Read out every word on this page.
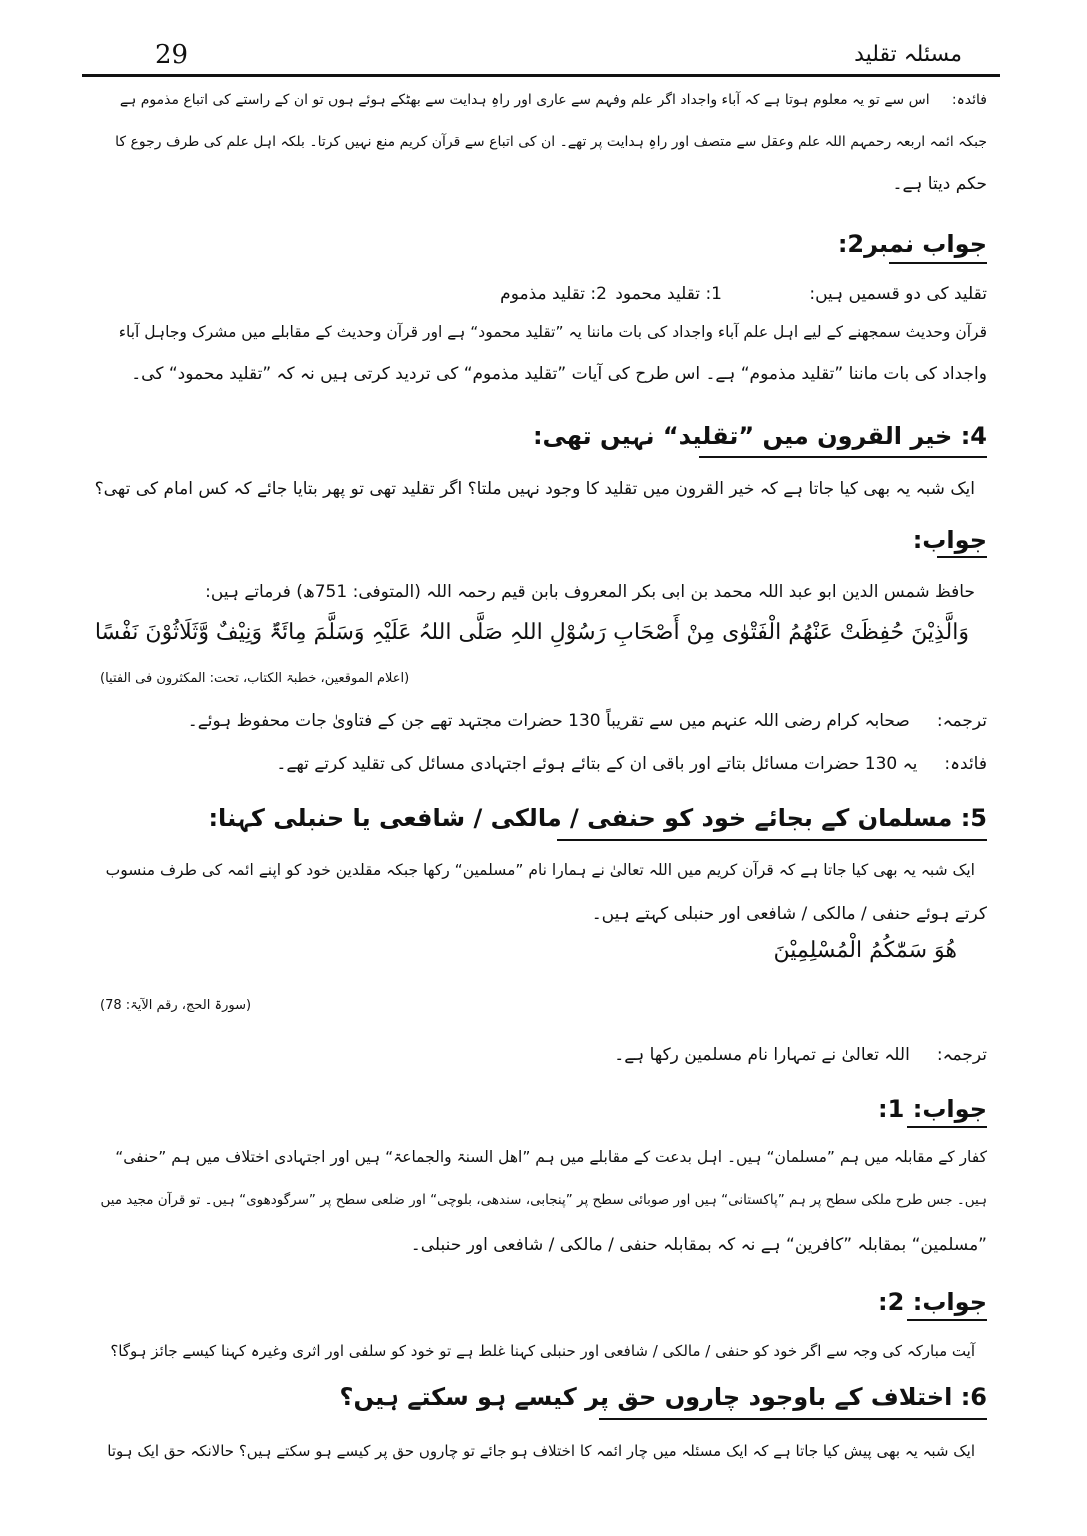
29	مسئلہ تقلید
فائدہ:     اس سے تو یہ معلوم ہوتا ہے کہ آباء واجداد اگر علم وفہم سے عاری اور راہِ ہدایت سے بھٹکے ہوئے ہوں تو ان کے راستے کی اتباع مذموم ہے
جبکہ ائمہ اربعہ رحمہم اللہ علم وعقل سے متصف اور راہِ ہدایت پر تھے۔ ان کی اتباع سے قرآن کریم منع نہیں کرتا۔ بلکہ اہل علم کی طرف رجوع کا
حکم دیتا ہے۔
جواب نمبر2:
تقلید کی دو قسمیں ہیں:
1: تقلید محمود
2: تقلید مذموم
قرآن وحدیث سمجھنے کے لیے اہل علم آباء واجداد کی بات ماننا یہ ”تقلید محمود“ ہے اور قرآن وحدیث کے مقابلے میں مشرک وجاہل آباء
واجداد کی بات ماننا ”تقلید مذموم“ ہے۔ اس طرح کی آیات ”تقلید مذموم“ کی تردید کرتی ہیں نہ کہ ”تقلید محمود“ کی۔
4: خیر القرون میں ”تقلید“ نہیں تھی:
ایک شبہ یہ بھی کیا جاتا ہے کہ خیر القرون میں تقلید کا وجود نہیں ملتا؟ اگر تقلید تھی تو پھر بتایا جائے کہ کس امام کی تھی؟
جواب:
حافظ شمس الدین ابو عبد اللہ محمد بن ابی بکر المعروف بابن قیم رحمہ اللہ (المتوفی: 751ھ) فرماتے ہیں:
وَالَّذِیْنَ حُفِظَتْ عَنْھُمُ الْفَتْوٰی مِنْ أَصْحَابِ رَسُوْلِ اللہِ صَلَّی اللہُ عَلَیْہِ وَسَلَّمَ مِائَۃٌ وَنِیْفٌ وَّثَلَاثُوْنَ نَفْسًا
(اعلام الموقعین، خطبۃ الکتاب، تحت: المکثرون فی الفتیا)
ترجمہ:     صحابہ کرام رضی اللہ عنہم میں سے تقریباً 130 حضرات مجتہد تھے جن کے فتاویٰ جات محفوظ ہوئے۔
فائدہ:     یہ 130 حضرات مسائل بتاتے اور باقی ان کے بتائے ہوئے اجتہادی مسائل کی تقلید کرتے تھے۔
5: مسلمان کے بجائے خود کو حنفی / مالکی / شافعی یا حنبلی کہنا:
ایک شبہ یہ بھی کیا جاتا ہے کہ قرآن کریم میں اللہ تعالیٰ نے ہمارا نام ”مسلمین“ رکھا جبکہ مقلدین خود کو اپنے ائمہ کی طرف منسوب
کرتے ہوئے حنفی / مالکی / شافعی اور حنبلی کہتے ہیں۔
ھُوَ سَمّٰکُمُ الْمُسْلِمِیْنَ
(سورۃ الحج، رقم الآیۃ: 78)
ترجمہ:     اللہ تعالیٰ نے تمہارا نام مسلمین رکھا ہے۔
جواب: 1:
کفار کے مقابلہ میں ہم ”مسلمان“ ہیں۔ اہل بدعت کے مقابلے میں ہم ”اھل السنۃ والجماعۃ“ ہیں اور اجتہادی اختلاف میں ہم ”حنفی“
ہیں۔ جس طرح ملکی سطح پر ہم ”پاکستانی“ ہیں اور صوبائی سطح پر ”پنجابی، سندھی، بلوچی“ اور ضلعی سطح پر ”سرگودھوی“ ہیں۔ تو قرآن مجید میں
”مسلمین“ بمقابلہ ”کافرین“ ہے نہ کہ بمقابلہ حنفی / مالکی / شافعی اور حنبلی۔
جواب: 2:
آیت مبارکہ کی وجہ سے اگر خود کو حنفی / مالکی / شافعی اور حنبلی کہنا غلط ہے تو خود کو سلفی اور اثری وغیرہ کہنا کیسے جائز ہوگا؟
6: اختلاف کے باوجود چاروں حق پر کیسے ہو سکتے ہیں؟
ایک شبہ یہ بھی پیش کیا جاتا ہے کہ ایک مسئلہ میں چار ائمہ کا اختلاف ہو جائے تو چاروں حق پر کیسے ہو سکتے ہیں؟ حالانکہ حق ایک ہوتا
